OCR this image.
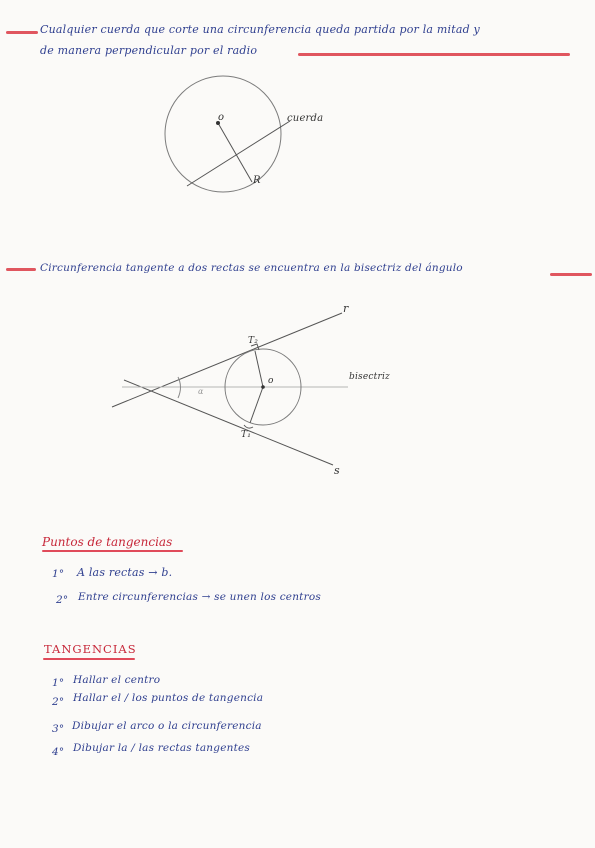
Cualquier cuerda que corte una circunferencia queda partida por la mitad y
de manera perpendicular por el radio
o	cuerda
R
Circunferencia tangente a dos rectas se encuentra en la bisectriz del ángulo
r
s
T₂
T₁
o	bisectriz
α
Puntos de tangencias
1° A las rectas → b.
2° Entre circunferencias → se unen los centros
TANGENCIAS
1° Hallar el centro
2° Hallar el / los puntos de tangencia
3° Dibujar el arco o la circunferencia
4° Dibujar la / las rectas tangentes
